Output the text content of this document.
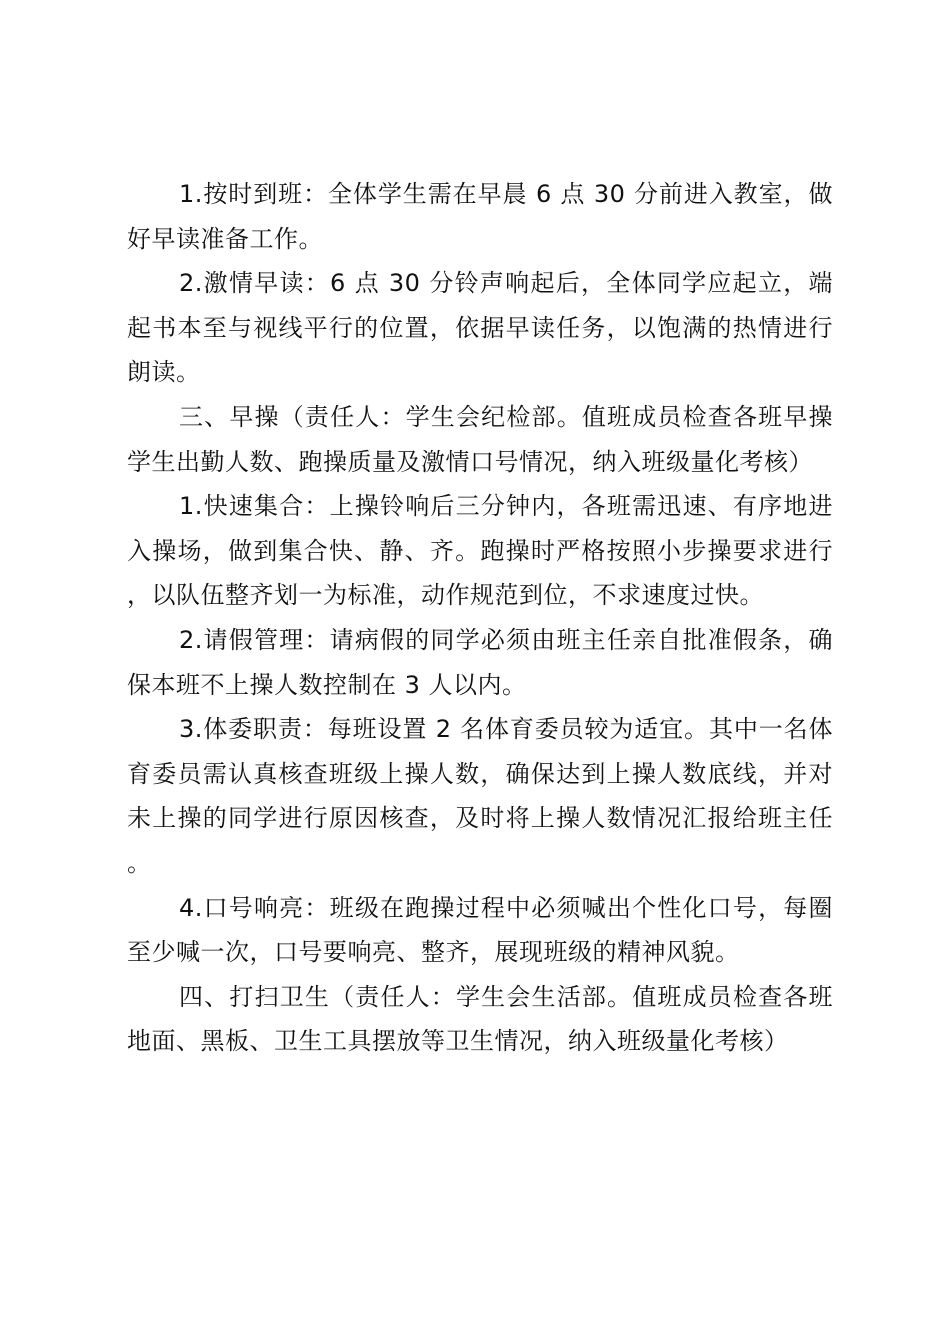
1.按时到班：全体学生需在早晨 6 点 30 分前进入教室，做好早读准备工作。

2.激情早读：6 点 30 分铃声响起后，全体同学应起立，端起书本至与视线平行的位置，依据早读任务，以饱满的热情进行朗读。

三、早操（责任人：学生会纪检部。值班成员检查各班早操学生出勤人数、跑操质量及激情口号情况，纳入班级量化考核）

1.快速集合：上操铃响后三分钟内，各班需迅速、有序地进入操场，做到集合快、静、齐。跑操时严格按照小步操要求进行，以队伍整齐划一为标准，动作规范到位，不求速度过快。

2.请假管理：请病假的同学必须由班主任亲自批准假条，确保本班不上操人数控制在 3 人以内。

3.体委职责：每班设置 2 名体育委员较为适宜。其中一名体育委员需认真核查班级上操人数，确保达到上操人数底线，并对未上操的同学进行原因核查，及时将上操人数情况汇报给班主任。

4.口号响亮：班级在跑操过程中必须喊出个性化口号，每圈至少喊一次，口号要响亮、整齐，展现班级的精神风貌。

四、打扫卫生（责任人：学生会生活部。值班成员检查各班地面、黑板、卫生工具摆放等卫生情况，纳入班级量化考核）
